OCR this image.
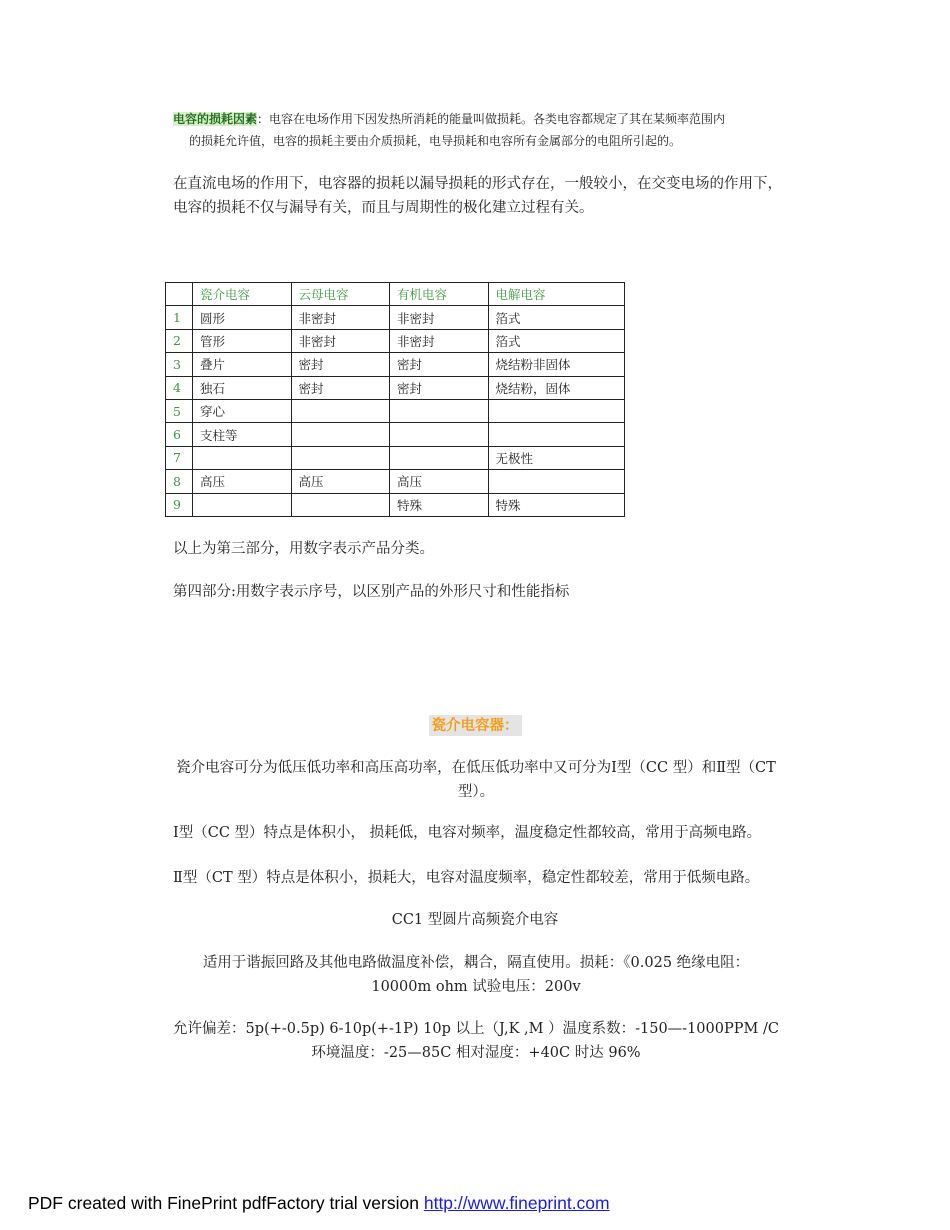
电容的损耗因素：电容在电场作用下因发热所消耗的能量叫做损耗。各类电容都规定了其在某频率范围内
的损耗允许值，电容的损耗主要由介质损耗，电导损耗和电容所有金属部分的电阻所引起的。
在直流电场的作用下，电容器的损耗以漏导损耗的形式存在，一般较小，在交变电场的作用下，电容的损耗不仅与漏导有关，而且与周期性的极化建立过程有关。
	瓷介电容	云母电容	有机电容	电解电容
1	圆形	非密封	非密封	箔式
2	管形	非密封	非密封	箔式
3	叠片	密封	密封	烧结粉非固体
4	独石	密封	密封	烧结粉，固体
5	穿心			
6	支柱等			
7				无极性
8	高压	高压	高压	
9			特殊	特殊
以上为第三部分，用数字表示产品分类。
第四部分:用数字表示序号，以区别产品的外形尺寸和性能指标
瓷介电容器：
瓷介电容可分为低压低功率和高压高功率，在低压低功率中又可分为Ⅰ型（CC 型）和Ⅱ型（CT 型）。
Ⅰ型（CC 型）特点是体积小， 损耗低，电容对频率，温度稳定性都较高，常用于高频电路。
Ⅱ型（CT 型）特点是体积小，损耗大，电容对温度频率，稳定性都较差，常用于低频电路。
CC1 型圆片高频瓷介电容
适用于谐振回路及其他电路做温度补偿，耦合，隔直使用。损耗：《0.025 绝缘电阻：10000m ohm 试验电压：200v
允许偏差：5p(+-0.5p) 6-10p(+-1P) 10p 以上（J,K ,M ）温度系数：-150—-1000PPM /C 环境温度：-25—85C 相对湿度：+40C 时达 96%
PDF created with FinePrint pdfFactory trial version http://www.fineprint.com
